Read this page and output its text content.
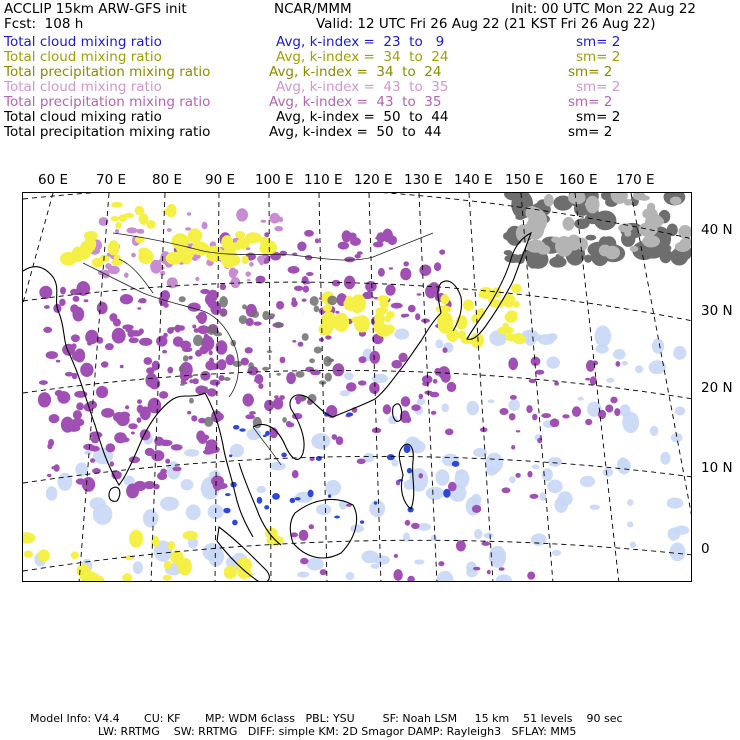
ACCLIP 15km ARW-GFS init	NCAR/MMM	Init: 00 UTC Mon 22 Aug 22
Fcst:  108 h	Valid: 12 UTC Fri 26 Aug 22 (21 KST Fri 26 Aug 22)
Total cloud mixing ratio	Avg, k-index =  23  to   9	sm= 2
Total cloud mixing ratio	Avg, k-index =  34  to  24	sm= 2
Total precipitation mixing ratio	Avg, k-index =  34  to  24	sm= 2
Total cloud mixing ratio	Avg, k-index =  43  to  35	sm= 2
Total precipitation mixing ratio	Avg, k-index =  43  to  35	sm= 2
Total cloud mixing ratio	Avg, k-index =  50  to  44	sm= 2
Total precipitation mixing ratio	Avg, k-index =  50  to  44	sm= 2
60 E 70 E 80 E 90 E 100 E 110 E 120 E 130 E 140 E 150 E 160 E 170 E
40 N
30 N
20 N
10 N
0
Model Info: V4.4       CU: KF       MP: WDM 6class   PBL: YSU        SF: Noah LSM     15 km    51 levels    90 sec
LW: RRTMG    SW: RRTMG   DIFF: simple KM: 2D Smagor DAMP: Rayleigh3   SFLAY: MM5
